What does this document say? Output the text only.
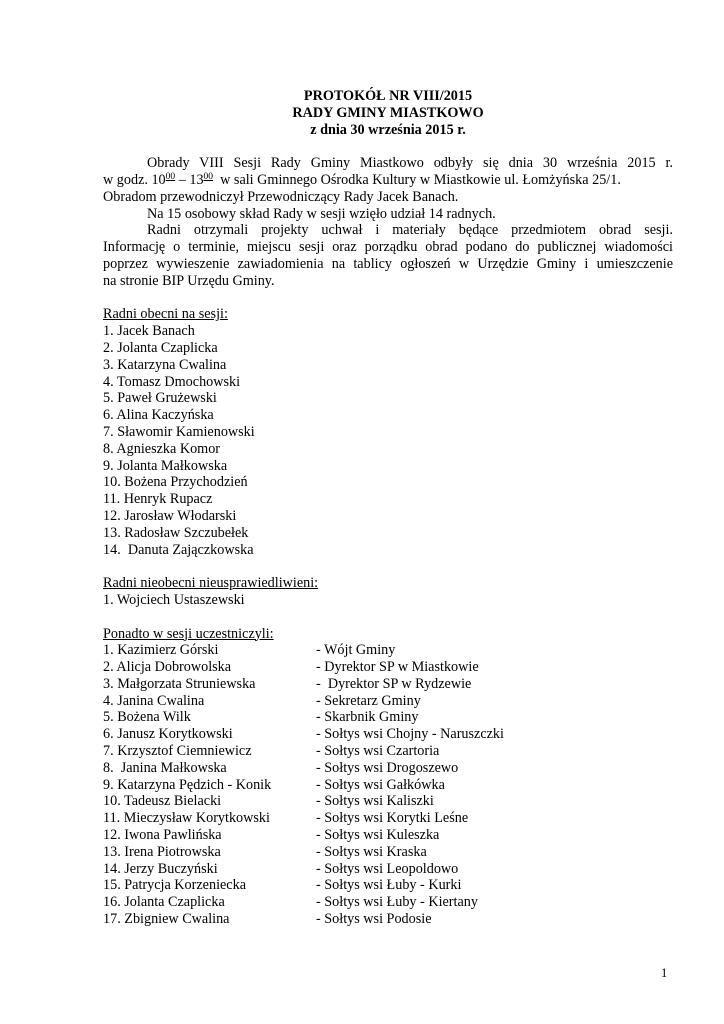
PROTOKÓŁ NR VIII/2015
RADY GMINY MIASTKOWO
z dnia 30 września 2015 r.
Obrady VIII Sesji Rady Gminy Miastkowo odbyły się dnia 30 września 2015 r.
w godz. $10^{00} - 13^{00}$  w sali Gminnego Ośrodka Kultury w Miastkowie ul. Łomżyńska 25/1.
Obradom przewodniczył Przewodniczący Rady Jacek Banach.
Na 15 osobowy skład Rady w sesji wzięło udział 14 radnych.
Radni otrzymali projekty uchwał i materiały będące przedmiotem obrad sesji.
Informację o terminie, miejscu sesji oraz porządku obrad podano do publicznej wiadomości
poprzez wywieszenie zawiadomienia na tablicy ogłoszeń w Urzędzie Gminy i umieszczenie
na stronie BIP Urzędu Gminy.
Radni obecni na sesji:
1. Jacek Banach
2. Jolanta Czaplicka
3. Katarzyna Cwalina
4. Tomasz Dmochowski
5. Paweł Grużewski
6. Alina Kaczyńska
7. Sławomir Kamienowski
8. Agnieszka Komor
9. Jolanta Małkowska
10. Bożena Przychodzień
11. Henryk Rupacz
12. Jarosław Włodarski
13. Radosław Szczubełek
14.  Danuta Zajączkowska
Radni nieobecni nieusprawiedliwieni:
1. Wojciech Ustaszewski
Ponadto w sesji uczestniczyli:
1. Kazimierz Górski	- Wójt Gminy
2. Alicja Dobrowolska	- Dyrektor SP w Miastkowie
3. Małgorzata Struniewska	-  Dyrektor SP w Rydzewie
4. Janina Cwalina	- Sekretarz Gminy
5. Bożena Wilk	- Skarbnik Gminy
6. Janusz Korytkowski	- Sołtys wsi Chojny - Naruszczki
7. Krzysztof Ciemniewicz	- Sołtys wsi Czartoria
8.  Janina Małkowska	- Sołtys wsi Drogoszewo
9. Katarzyna Pędzich - Konik	- Sołtys wsi Gałkówka
10. Tadeusz Bielacki	- Sołtys wsi Kaliszki
11. Mieczysław Korytkowski	- Sołtys wsi Korytki Leśne
12. Iwona Pawlińska	- Sołtys wsi Kuleszka
13. Irena Piotrowska	- Sołtys wsi Kraska
14. Jerzy Buczyński	- Sołtys wsi Leopoldowo
15. Patrycja Korzeniecka	- Sołtys wsi Łuby - Kurki
16. Jolanta Czaplicka	- Sołtys wsi Łuby - Kiertany
17. Zbigniew Cwalina	- Sołtys wsi Podosie
1
